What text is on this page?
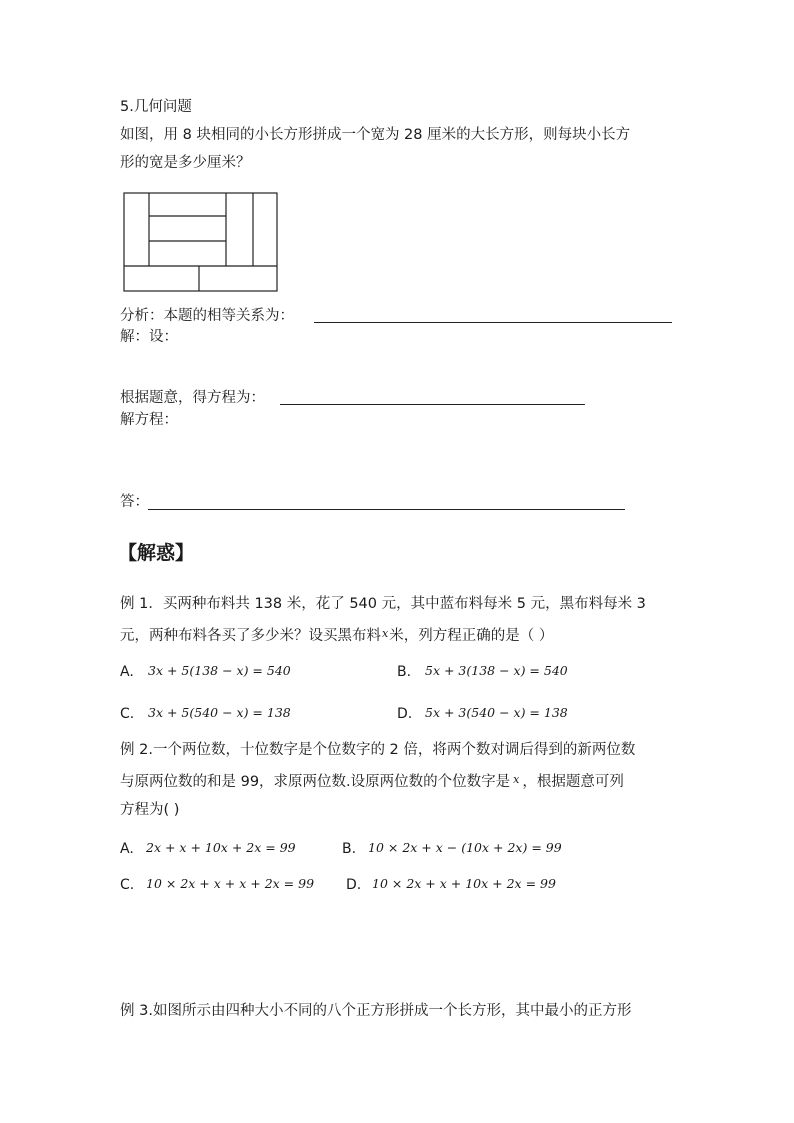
5.几何问题
如图，用 8 块相同的小长方形拼成一个宽为 28 厘米的大长方形，则每块小长方
形的宽是多少厘米？
分析：本题的相等关系为：
解：设：
根据题意，得方程为：
解方程：
答：
【解惑】
例 1．买两种布料共 138 米，花了 540 元，其中蓝布料每米 5 元，黑布料每米 3
元，两种布料各买了多少米？设买黑布料$^x$米，列方程正确的是（ ）
A. 3x + 5(138 − x) = 540	B. 5x + 3(138 − x) = 540
C. 3x + 5(540 − x) = 138	D. 5x + 3(540 − x) = 138
例 2.一个两位数，十位数字是个位数字的 2 倍，将两个数对调后得到的新两位数
与原两位数的和是 99，求原两位数.设原两位数的个位数字是 $^x$ ，根据题意可列
方程为( )
A. 2x + x + 10x + 2x = 99	B. 10 × 2x + x − (10x + 2x) = 99
C. 10 × 2x + x + x + 2x = 99 D. 10 × 2x + x + 10x + 2x = 99
例 3.如图所示由四种大小不同的八个正方形拼成一个长方形，其中最小的正方形
